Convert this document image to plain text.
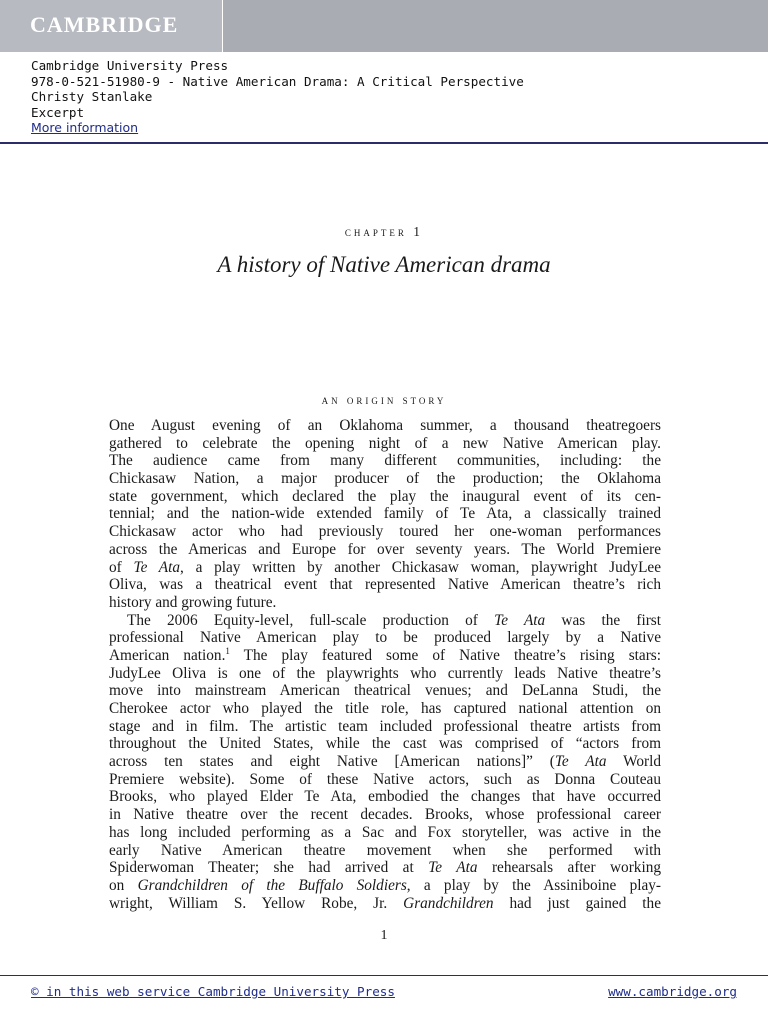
CAMBRIDGE
Cambridge University Press
978-0-521-51980-9 - Native American Drama: A Critical Perspective
Christy Stanlake
Excerpt
More information
chapter 1
A history of Native American drama
an origin story
One August evening of an Oklahoma summer, a thousand theatregoers
gathered to celebrate the opening night of a new Native American play.
The audience came from many different communities, including: the
Chickasaw Nation, a major producer of the production; the Oklahoma
state government, which declared the play the inaugural event of its cen-
tennial; and the nation-wide extended family of Te Ata, a classically trained
Chickasaw actor who had previously toured her one-woman performances
across the Americas and Europe for over seventy years. The World Premiere
of Te Ata, a play written by another Chickasaw woman, playwright JudyLee
Oliva, was a theatrical event that represented Native American theatre’s rich
history and growing future.
The 2006 Equity-level, full-scale production of Te Ata was the first
professional Native American play to be produced largely by a Native
American nation.$^1$ The play featured some of Native theatre’s rising stars:
JudyLee Oliva is one of the playwrights who currently leads Native theatre’s
move into mainstream American theatrical venues; and DeLanna Studi, the
Cherokee actor who played the title role, has captured national attention on
stage and in film. The artistic team included professional theatre artists from
throughout the United States, while the cast was comprised of “actors from
across ten states and eight Native [American nations]” (Te Ata World
Premiere website). Some of these Native actors, such as Donna Couteau
Brooks, who played Elder Te Ata, embodied the changes that have occurred
in Native theatre over the recent decades. Brooks, whose professional career
has long included performing as a Sac and Fox storyteller, was active in the
early Native American theatre movement when she performed with
Spiderwoman Theater; she had arrived at Te Ata rehearsals after working
on Grandchildren of the Buffalo Soldiers, a play by the Assiniboine play-
wright, William S. Yellow Robe, Jr. Grandchildren had just gained the
1
© in this web service Cambridge University Press	www.cambridge.org
